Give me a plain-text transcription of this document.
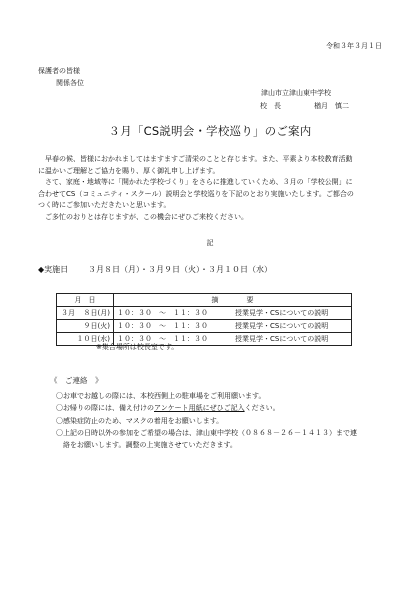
令和３年３月１日
保護者の皆様
関係各位
津山市立津山東中学校
校　長	楢月　慎二
３月「CS説明会・学校巡り」のご案内

早春の候、皆様におかれましてはますますご清栄のことと存じます。また、平素より本校教育活動

に温かいご理解とご協力を賜り、厚く御礼申し上げます。

さて、家庭・地域等に「開かれた学校づくり」をさらに推進していくため、３月の「学校公開」に

合わせてCS（コミュニティ・スクール）説明会と学校巡りを下記のとおり実施いたします。ご都合の

つく時にご参加いただきたいと思います。

ご多忙のおりとは存じますが、この機会にぜひご来校ください。

記
◆実施日 ３月８日（月）・３月９日（火）・３月１０日（水）
月　日	摘　　　　要

３月 ８日(月)	１０：３０　～　１１：３０ 授業見学・CSについての説明

９日(火)	１０：３０　～　１１：３０ 授業見学・CSについての説明

１０日(水)	１０：３０　～　１１：３０ 授業見学・CSについての説明
※集合場所は校長室です。
《　ご連絡　》

〇お車でお越しの際には、本校西側上の駐車場をご利用願います。

〇お帰りの際には、備え付けのアンケート用紙にぜひご記入ください。

〇感染症防止のため、マスクの着用をお願いします。

〇上記の日時以外の参加をご希望の場合は、津山東中学校（０８６８－２６－１４１３）まで連

絡をお願いします。調整の上実施させていただきます。
